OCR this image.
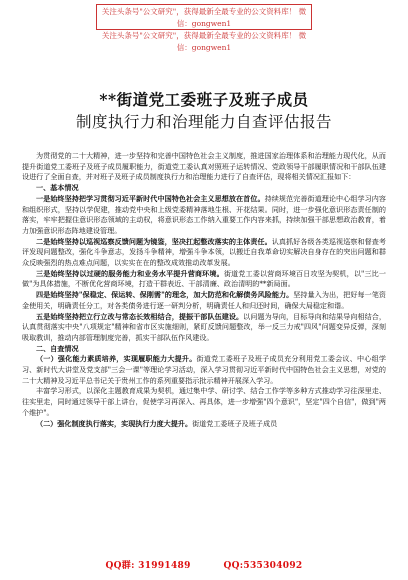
关注头条号"公文研究"，获得最新全最专业的公文资料库！ 微信：gongwen1
关注头条号"公文研究"，获得最新全最专业的公文资料库！ 微信：gongwen1
**街道党工委班子及班子成员
制度执行力和治理能力自查评估报告

为贯彻党的二十大精神，进一步坚持和完善中国特色社会主义制度，推进国家治理体系和治理能力现代化，从而提升街道党工委班子及班子成员履职能力，街道党工委认真对照班子运转情况、党政领导干部履职情况和干部队伍建设进行了全面自查，并对班子及班子成员制度执行力和治理能力进行了自查评估，现将相关情况汇报如下：

一、基本情况

一是始终坚持把学习贯彻习近平新时代中国特色社会主义思想放在首位。持续规范完善街道理论中心组学习内容和组织形式，坚持以学促建，推动党中央和上级党委精神落地生根、开花结果。同时，进一步强化意识形态责任制的落实，牢牢把握住意识形态领域的主动权，将意识形态工作纳入重要工作内容来抓，持续加强干部思想政治教育，着力加强意识形态阵地建设管理。

二是始终坚持以巡视巡察反馈问题为镜鉴，坚决扛起整改落实的主体责任。认真抓好各级各类巡视巡察和督查考评发现问题整改，强化斗争意志，发扬斗争精神，增强斗争本领，以搬迁自我革命切实解决自身存在的突出问题和群众反映强烈的热点难点问题，以实实在在的整改成效推动改革发展。

三是始终坚持以过硬的服务能力和业务水平提升营商环境。街道党工委以营商环境百日攻坚为契机，以"三比一做"为具体措施，不断优化营商环境，打造干群表近、干部清廉、政治清明的**新局面。

四是始终坚持"保稳定、保运转、保刚需"的理念，加大防范和化解债务风险能力。坚持量入为出，把好每一笔资金使用关，明确责任分工，对各类债务进行逐一研判分析，明确责任人和归还时间，确保大局稳定和谐。

五是始终坚持把立行立改与常态长效相结合，提振干部队伍建设。以问题为导向，目标导向和结果导向相结合，认真贯彻落实中央"八项规定"精神和省市区实施细则，紧盯反馈问题整改，举一反三力戒"四风"问题变异反弹，深刻吸取教训，推动内部管理制度完善，抓实干部队伍作风建设。

二、自查情况

（一）强化能力素质培养，实现履职能力大提升。街道党工委班子及班子成员充分利用党工委会议、中心组学习、新时代大讲堂及党支部"三会一课"等理论学习活动，深入学习贯彻习近平新时代中国特色社会主义思想，对党的二十大精神及习近平总书记关于贵州工作的系列重要指示批示精神开展深入学习。

丰富学习形式，以深化主题教育成果为契机，通过集中学、研讨学、结合工作学等多种方式推动学习往深里走、往实里走，同时通过领导干部上讲台，促使学习再深入、再具体，进一步增强"四个意识"，坚定"四个自信"，做到"两个维护"。

（二）强化制度执行落实，实现执行力度大提升。街道党工委班子及班子成员

QQ群: 31991489	QQ:535304092
